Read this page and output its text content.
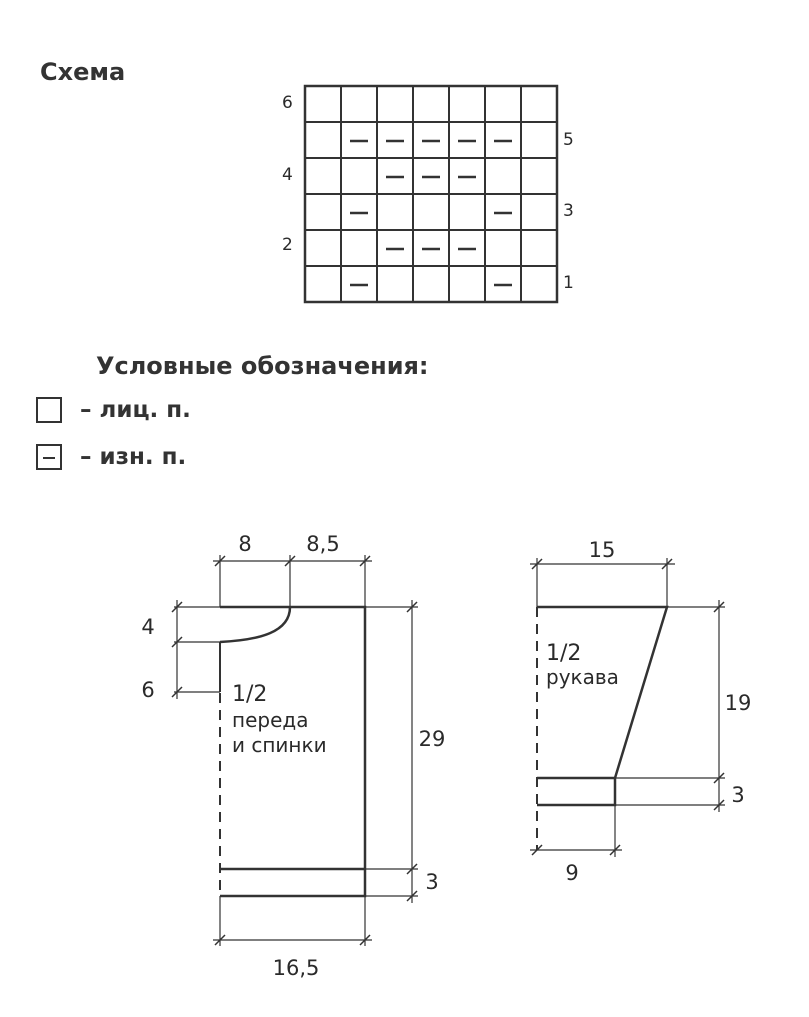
Схема
6
4
2
5
3
1
8	8,5
4
6
29
3
16,5
1/2
переда
и спинки
15
19
3
9
1/2
рукава
Условные обозначения:
– лиц. п.
– изн. п.
